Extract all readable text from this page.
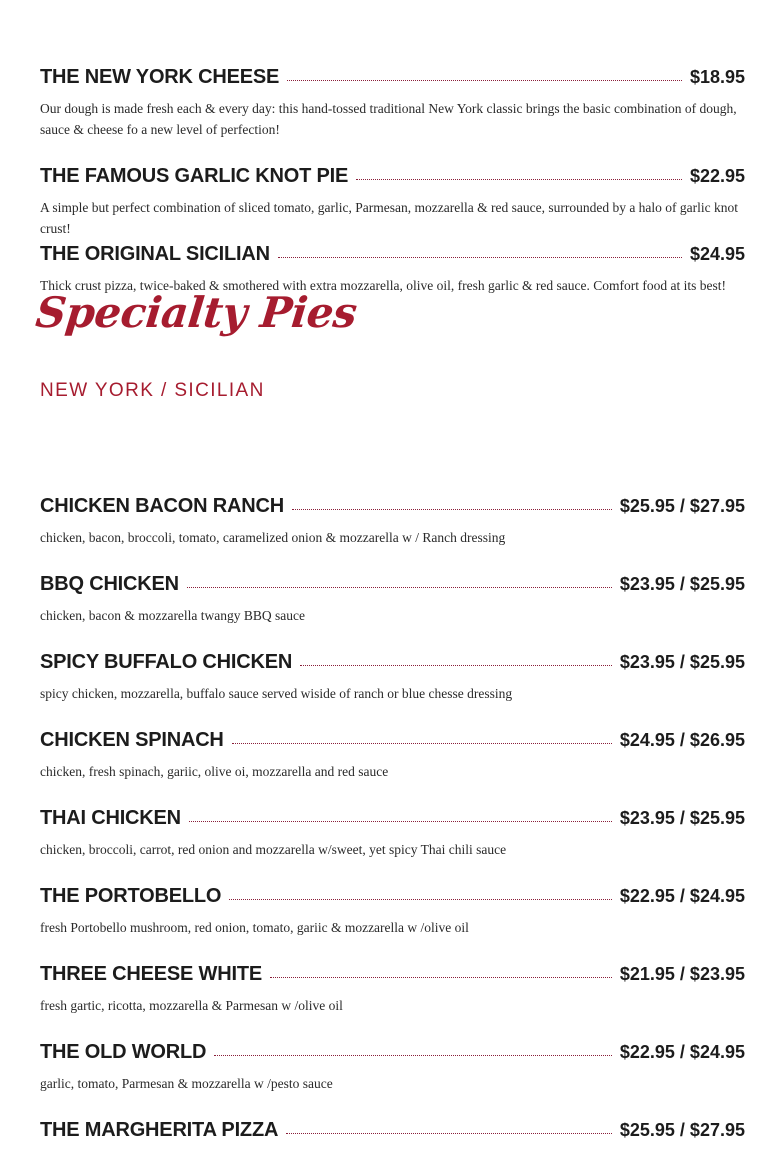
THE NEW YORK CHEESE	$18.95
Our dough is made fresh each & every day: this hand-tossed traditional New York classic brings the basic combination of dough, sauce & cheese fo a new level of perfection!
THE FAMOUS GARLIC KNOT PIE	$22.95
A simple but perfect combination of sliced tomato, garlic, Parmesan, mozzarella & red sauce, surrounded by a halo of garlic knot crust!
THE ORIGINAL SICILIAN	$24.95
Thick crust pizza, twice-baked & smothered with extra mozzarella, olive oil, fresh garlic & red sauce. Comfort food at its best!
Specialty Pies
NEW YORK / SICILIAN
CHICKEN BACON RANCH	$25.95 / $27.95
chicken, bacon, broccoli, tomato, caramelized onion & mozzarella w / Ranch dressing
BBQ CHICKEN	$23.95 / $25.95
chicken, bacon & mozzarella twangy BBQ sauce
SPICY BUFFALO CHICKEN	$23.95 / $25.95
spicy chicken, mozzarella, buffalo sauce served wiside of ranch or blue chesse dressing
CHICKEN SPINACH	$24.95 / $26.95
chicken, fresh spinach, gariic, olive oi, mozzarella and red sauce
THAI CHICKEN	$23.95 / $25.95
chicken, broccoli, carrot, red onion and mozzarella w/sweet, yet spicy Thai chili sauce
THE PORTOBELLO	$22.95 / $24.95
fresh Portobello mushroom, red onion, tomato, gariic & mozzarella w /olive oil
THREE CHEESE WHITE	$21.95 / $23.95
fresh gartic, ricotta, mozzarella & Parmesan w /olive oil
THE OLD WORLD	$22.95 / $24.95
garlic, tomato, Parmesan & mozzarella w /pesto sauce
THE MARGHERITA PIZZA	$25.95 / $27.95
